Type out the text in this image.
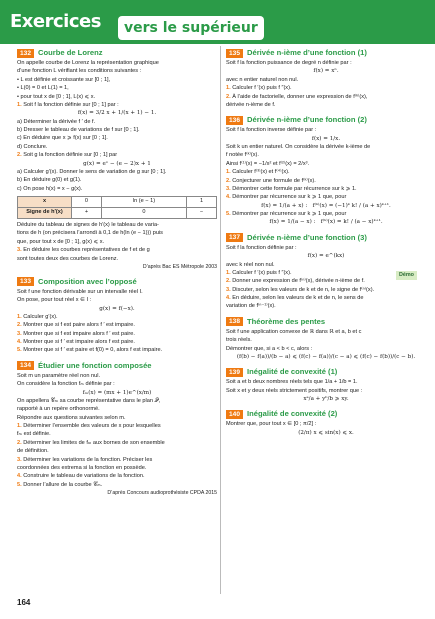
Exercices	vers le supérieur
132 Courbe de Lorenz

On appelle courbe de Lorenz la représentation graphique

d’une fonction L vérifiant les conditions suivantes :

• L est définie et croissante sur [0 ; 1],

• L(0) = 0 et L(1) = 1,

• pour tout x de [0 ; 1], L(x) ⩽ x.

1. Soit f la fonction définie sur [0 ; 1] par :

f(x) = 3/2 x + 1/(x + 1) − 1.

a) Déterminer la dérivée f ′ de f.

b) Dresser le tableau de variations de f sur [0 ; 1].

c) En déduire que x ⩾ f(x) sur [0 ; 1].

d) Conclure.

2. Soit g la fonction définie sur [0 ; 1] par

g(x) = eˣ − (e − 2)x + 1

a) Calculer g′(x). Donner le sens de variation de g sur [0 ; 1].

b) En déduire g(0) et g(1).

c) On pose h(x) = x − g(x).

x	0	ln (e − 1)	1
Signe de h′(x)	+	0	−

Déduire du tableau de signes de h′(x) le tableau de varia-

tions de h (on précisera l’arrondi à 0,1 de h(ln (e − 1))) puis

que, pour tout x de [0 ; 1], g(x) ⩽ x.

3. En déduire les courbes représentatives de f et de g

sont toutes deux des courbes de Lorenz.

D’après Bac ES Métropole 2003

133 Composition avec l’opposé

Soit f une fonction dérivable sur un intervalle réel I.

On pose, pour tout réel x ∈ I :

g(x) = f(−x).

1. Calculer g′(x).

2. Montrer que si f est paire alors f ′ est impaire.

3. Montrer que si f est impaire alors f ′ est paire.

4. Montrer que si f ′ est impaire alors f est paire.

5. Montrer que si f ′ est paire et f(0) = 0, alors f est impaire.

134 Étudier une fonction composée

Soit m un paramètre réel non nul.

On considère la fonction fₘ définie par :

fₘ(x) = (mx + 1)e^(x/m)

On appellera 𝒞ₘ sa courbe représentative dans le plan 𝒫,

rapporté à un repère orthonormé.

Répondre aux questions suivantes selon m.

1. Déterminer l’ensemble des valeurs de x pour lesquelles

fₘ est définie.

2. Déterminer les limites de fₘ aux bornes de son ensemble

de définition.

3. Déterminer les variations de la fonction. Préciser les

coordonnées des extrema si la fonction en possède.

4. Construire le tableau de variations de la fonction.

5. Donner l’allure de la courbe 𝒞ₘ.

D’après Concours audioprothésiste CPDA 2015

135 Dérivée n-ième d’une fonction (1)

Soit f la fonction puissance de degré n définie par :

f(x) = xⁿ.

avec n entier naturel non nul.

1. Calculer f ′(x) puis f ″(x).

2. À l’aide de factorielle, donner une expression de f⁽ᵏ⁾(x),

dérivée n-ième de f.

136 Dérivée n-ième d’une fonction (2)

Soit f la fonction inverse définie par :

f(x) = 1/x.

Soit k un entier naturel. On considère la dérivée k-ième de

f notée f⁽ᵏ⁾(x).

Ainsi f⁽¹⁾(x) = −1/x² et f⁽²⁾(x) = 2/x³.

1. Calculer f⁽³⁾(x) et f⁽⁴⁾(x).

2. Conjecturer une formule de f⁽ᵏ⁾(x).

3. Démontrer cette formule par récurrence sur k ⩾ 1.

4. Démontrer par récurrence sur k ⩾ 1 que, pour

f(x) = 1/(a + x) : f⁽ᵏ⁾(x) = (−1)ᵏ k! / (a + x)ᵏ⁺¹.

5. Démontrer par récurrence sur k ⩾ 1 que, pour

f(x) = 1/(a − x) : f⁽ᵏ⁾(x) = k! / (a − x)ᵏ⁺¹.

137 Dérivée n-ième d’une fonction (3)

Soit f la fonction définie par :

f(x) = e^(kx)

avec k réel non nul.

1. Calculer f ′(x) puis f ″(x).

2. Donner une expression de f⁽ⁿ⁾(x), dérivée n-ième de f.

3. Discuter, selon les valeurs de k et de n, le signe de f⁽ⁿ⁾(x).

4. En déduire, selon les valeurs de k et de n, le sens de

variation de f⁽ⁿ⁻¹⁾(x).

138 Théorème des pentes

Soit f une application convexe de ℝ dans ℝ et a, b et c

trois réels.

Démontrer que, si a < b < c, alors :

(f(b) − f(a))/(b − a) ⩽ (f(c) − f(a))/(c − a) ⩽ (f(c) − f(b))/(c − b).

139 Inégalité de convexité (1)

Soit a et b deux nombres réels tels que 1/a + 1/b = 1.

Soit x et y deux réels strictement positifs, montrer que :

xᵃ/a + yᵇ/b ⩾ xy.

140 Inégalité de convexité (2)

Montrer que, pour tout x ∈ [0 ; π/2] :

(2/π) x ⩽ sin(x) ⩽ x.

Démo
164
